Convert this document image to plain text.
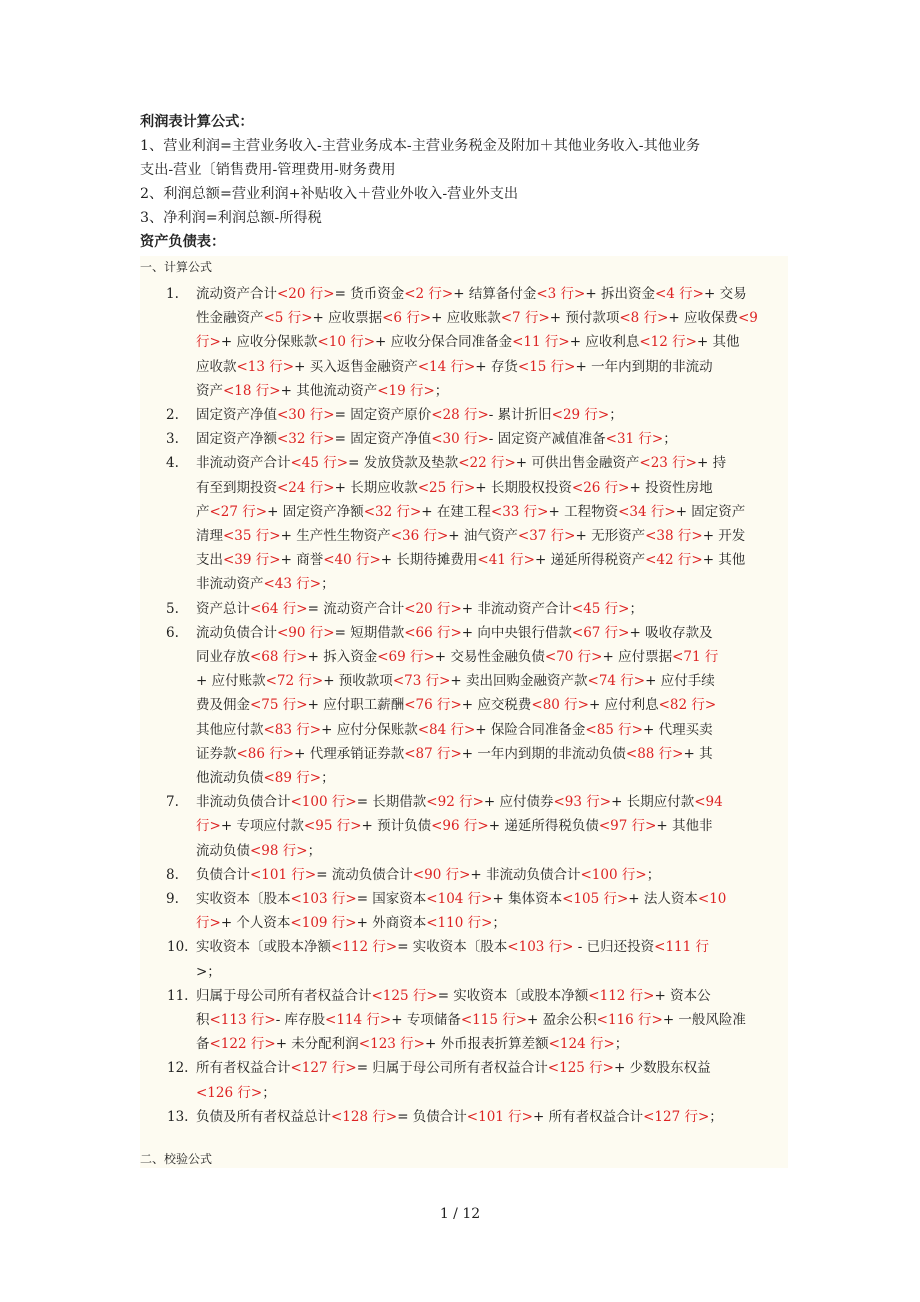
利润表计算公式：
1、营业利润=主营业务收入-主营业务成本-主营业务税金及附加＋其他业务收入-其他业务
支出-营业〔销售费用-管理费用-财务费用
2、利润总额=营业利润+补贴收入＋营业外收入-营业外支出
3、净利润=利润总额-所得税
资产负债表：
一、计算公式
1.	流动资产合计<20 行>= 货币资金<2 行>+ 结算备付金<3 行>+ 拆出资金<4 行>+ 交易
性金融资产<5 行>+ 应收票据<6 行>+ 应收账款<7 行>+ 预付款项<8 行>+ 应收保费<9
行>+ 应收分保账款<10 行>+ 应收分保合同准备金<11 行>+ 应收利息<12 行>+ 其他
应收款<13 行>+ 买入返售金融资产<14 行>+ 存货<15 行>+ 一年内到期的非流动
资产<18 行>+ 其他流动资产<19 行>；
2.	固定资产净值<30 行>= 固定资产原价<28 行>- 累计折旧<29 行>；
3.	固定资产净额<32 行>= 固定资产净值<30 行>- 固定资产减值准备<31 行>；
4.	非流动资产合计<45 行>= 发放贷款及垫款<22 行>+ 可供出售金融资产<23 行>+ 持
有至到期投资<24 行>+ 长期应收款<25 行>+ 长期股权投资<26 行>+ 投资性房地
产<27 行>+ 固定资产净额<32 行>+ 在建工程<33 行>+ 工程物资<34 行>+ 固定资产
清理<35 行>+ 生产性生物资产<36 行>+ 油气资产<37 行>+ 无形资产<38 行>+ 开发
支出<39 行>+ 商誉<40 行>+ 长期待摊费用<41 行>+ 递延所得税资产<42 行>+ 其他
非流动资产<43 行>；
5.	资产总计<64 行>= 流动资产合计<20 行>+ 非流动资产合计<45 行>；
6.	流动负债合计<90 行>= 短期借款<66 行>+ 向中央银行借款<67 行>+ 吸收存款及
同业存放<68 行>+ 拆入资金<69 行>+ 交易性金融负债<70 行>+ 应付票据<71 行
+ 应付账款<72 行>+ 预收款项<73 行>+ 卖出回购金融资产款<74 行>+ 应付手续
费及佣金<75 行>+ 应付职工薪酬<76 行>+ 应交税费<80 行>+ 应付利息<82 行>
其他应付款<83 行>+ 应付分保账款<84 行>+ 保险合同准备金<85 行>+ 代理买卖
证券款<86 行>+ 代理承销证券款<87 行>+ 一年内到期的非流动负债<88 行>+ 其
他流动负债<89 行>；
7.	非流动负债合计<100 行>= 长期借款<92 行>+ 应付债券<93 行>+ 长期应付款<94
行>+ 专项应付款<95 行>+ 预计负债<96 行>+ 递延所得税负债<97 行>+ 其他非
流动负债<98 行>；
8.	负债合计<101 行>= 流动负债合计<90 行>+ 非流动负债合计<100 行>；
9.	实收资本〔股本<103 行>= 国家资本<104 行>+ 集体资本<105 行>+ 法人资本<10
行>+ 个人资本<109 行>+ 外商资本<110 行>；
10. 实收资本〔或股本净额<112 行>= 实收资本〔股本<103 行> - 已归还投资<111 行
>；
11. 归属于母公司所有者权益合计<125 行>= 实收资本〔或股本净额<112 行>+ 资本公
积<113 行>- 库存股<114 行>+ 专项储备<115 行>+ 盈余公积<116 行>+ 一般风险准
备<122 行>+ 未分配利润<123 行>+ 外币报表折算差额<124 行>；
12. 所有者权益合计<127 行>= 归属于母公司所有者权益合计<125 行>+ 少数股东权益
<126 行>；
13. 负债及所有者权益总计<128 行>= 负债合计<101 行>+ 所有者权益合计<127 行>；
二、校验公式
1 / 12
